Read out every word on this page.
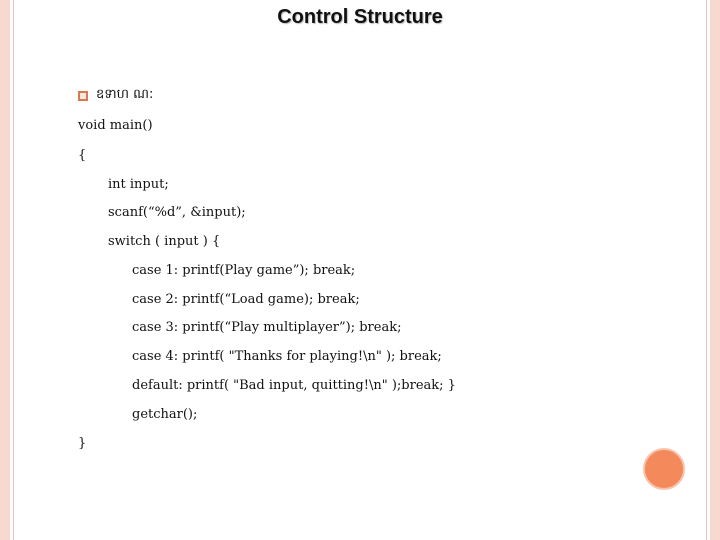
Control Structure
ឧទាហ ណ:
void main()
{
int input;
scanf(“%d”, &input);
switch ( input ) {
case 1: printf(Play game”); break;
case 2: printf(“Load game); break;
case 3: printf(“Play multiplayer”); break;
case 4: printf( "Thanks for playing!\n" ); break;
default: printf( "Bad input, quitting!\n" );break; }
getchar();
}
